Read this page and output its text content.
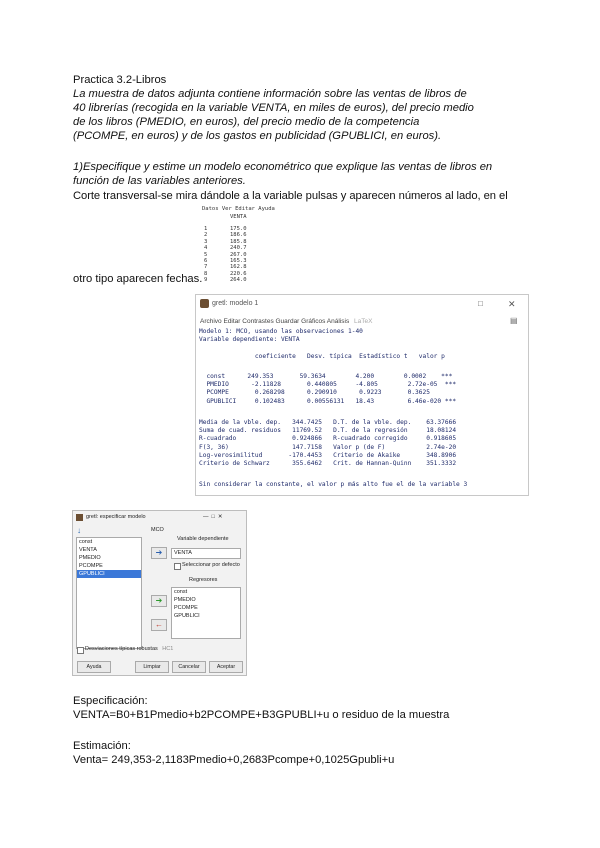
Practica 3.2-Libros
La muestra de datos adjunta contiene información sobre las ventas de libros de
40 librerías (recogida en la variable VENTA, en miles de euros), del precio medio
de los libros (PMEDIO, en euros), del precio medio de la competencia
(PCOMPE, en euros) y de los gastos en publicidad (GPUBLICI, en euros).
1)Especifique y estime un modelo econométrico que explique las ventas de libros en
función de las variables anteriores.
Corte transversal-se mira dándole a la variable pulsas y aparecen números al lado, en el
Datos Ver Editar Ayuda
VENTA
1	175.0
2	186.6
3	185.8
4	240.7
5	267.0
6	165.3
7	162.8
8	220.6
9	264.0
otro tipo aparecen fechas.
gretl: modelo 1	□	✕
Archivo Editar Contrastes Guardar Gráficos Análisis LaTeX	▤
Modelo 1: MCO, usando las observaciones 1-40
Variable dependiente: VENTA
coeficiente   Desv. típica  Estadístico t   valor p
const      249.353       59.3634        4.200        0.0002    ***
PMEDIO      -2.11828       0.440805     -4.805        2.72e-05  ***
PCOMPE       0.268298      0.290910      0.9223       0.3625
GPUBLICI     0.102483      0.00556131   18.43         6.46e-020 ***
Media de la vble. dep.   344.7425   D.T. de la vble. dep.    63.37666
Suma de cuad. residuos   11769.52   D.T. de la regresión     18.08124
R-cuadrado               0.924866   R-cuadrado corregido     0.918605
F(3, 36)                 147.7158   Valor p (de F)           2.74e-20
Log-verosimilitud       -170.4453   Criterio de Akaike       348.8906
Criterio de Schwarz      355.6462   Crit. de Hannan-Quinn    351.3332
Sin considerar la constante, el valor p más alto fue el de la variable 3
gretl: especificar modelo	—  □  ✕
MCO
↓
const
VENTA
PMEDIO
PCOMPE
GPUBLICI
Variable dependiente
➔	VENTA
Seleccionar por defecto
Regresores
const
PMEDIO
PCOMPE
GPUBLICI
➔
←
Desviaciones típicas robustas HC1
Ayuda	Limpiar	Cancelar	Aceptar
Especificación:
VENTA=B0+B1Pmedio+b2PCOMPE+B3GPUBLI+u o residuo de la muestra
Estimación:
Venta= 249,353-2,1183Pmedio+0,2683Pcompe+0,1025Gpubli+u
